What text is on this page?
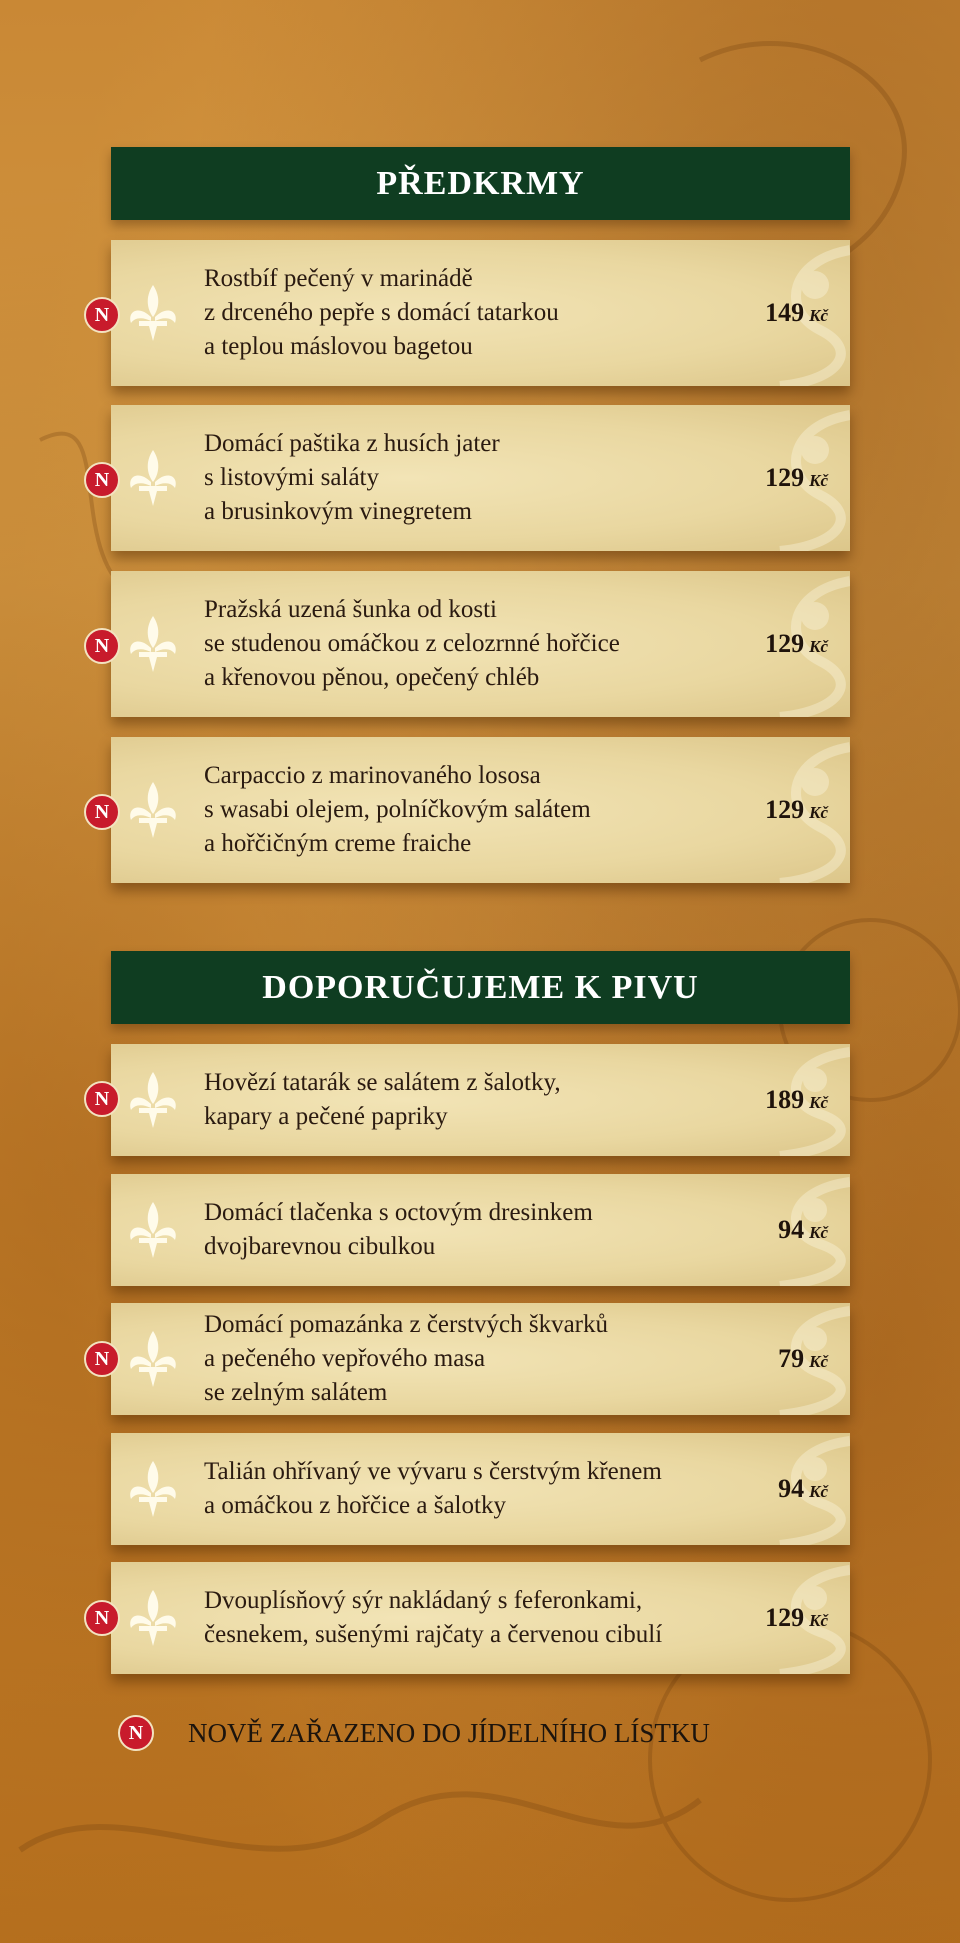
PŘEDKRMY
N
Rostbíf pečený v marinádě
z drceného pepře s domácí tatarkou
a teplou máslovou bagetou
149 Kč
N
Domácí paštika z husích jater
s listovými saláty
a brusinkovým vinegretem
129 Kč
N
Pražská uzená šunka od kosti
se studenou omáčkou z celozrnné hořčice
a křenovou pěnou, opečený chléb
129 Kč
N
Carpaccio z marinovaného lososa
s wasabi olejem, polníčkovým salátem
a hořčičným creme fraiche
129 Kč
DOPORUČUJEME K PIVU
N
Hovězí tatarák se salátem z šalotky,
kapary a pečené papriky
189 Kč
Domácí tlačenka s octovým dresinkem
dvojbarevnou cibulkou
94 Kč
N
Domácí pomazánka z čerstvých škvarků
a pečeného vepřového masa
se zelným salátem
79 Kč
Talián ohřívaný ve vývaru s čerstvým křenem
a omáčkou z hořčice a šalotky
94 Kč
N
Dvouplísňový sýr nakládaný s feferonkami,
česnekem, sušenými rajčaty a červenou cibulí
129 Kč
N	NOVĚ ZAŘAZENO DO JÍDELNÍHO LÍSTKU
